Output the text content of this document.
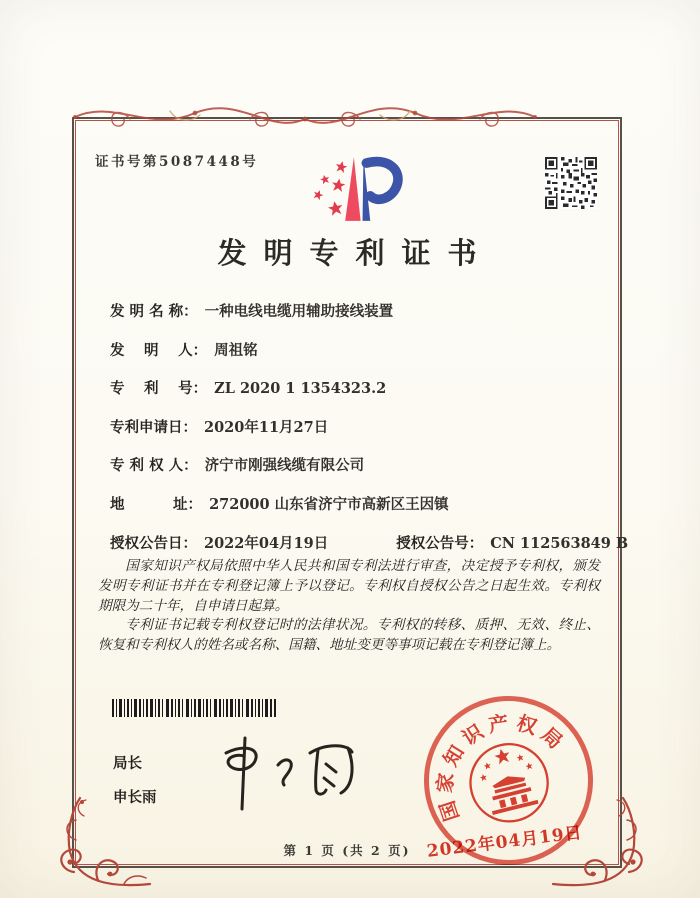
证书号第5087448号
发明专利证书
发 明 名 称： 一种电线电缆用辅助接线装置
发　 明　 人： 周祖铭
专　 利　 号： ZL 2020 1 1354323.2
专利申请日： 2020年11月27日
专 利 权 人： 济宁市刚强线缆有限公司
地　　　 址： 272000 山东省济宁市高新区王因镇
授权公告日： 2022年04月19日	授权公告号： CN 112563849 B

国家知识产权局依照中华人民共和国专利法进行审查，决定授予专利权，颁发发明专利证书并在专利登记簿上予以登记。专利权自授权公告之日起生效。专利权期限为二十年，自申请日起算。

专利证书记载专利权登记时的法律状况。专利权的转移、质押、无效、终止、恢复和专利权人的姓名或名称、国籍、地址变更等事项记载在专利登记簿上。

局长
申长雨	国家知识产权局
2022年04月19日
第 1 页 (共 2 页)
